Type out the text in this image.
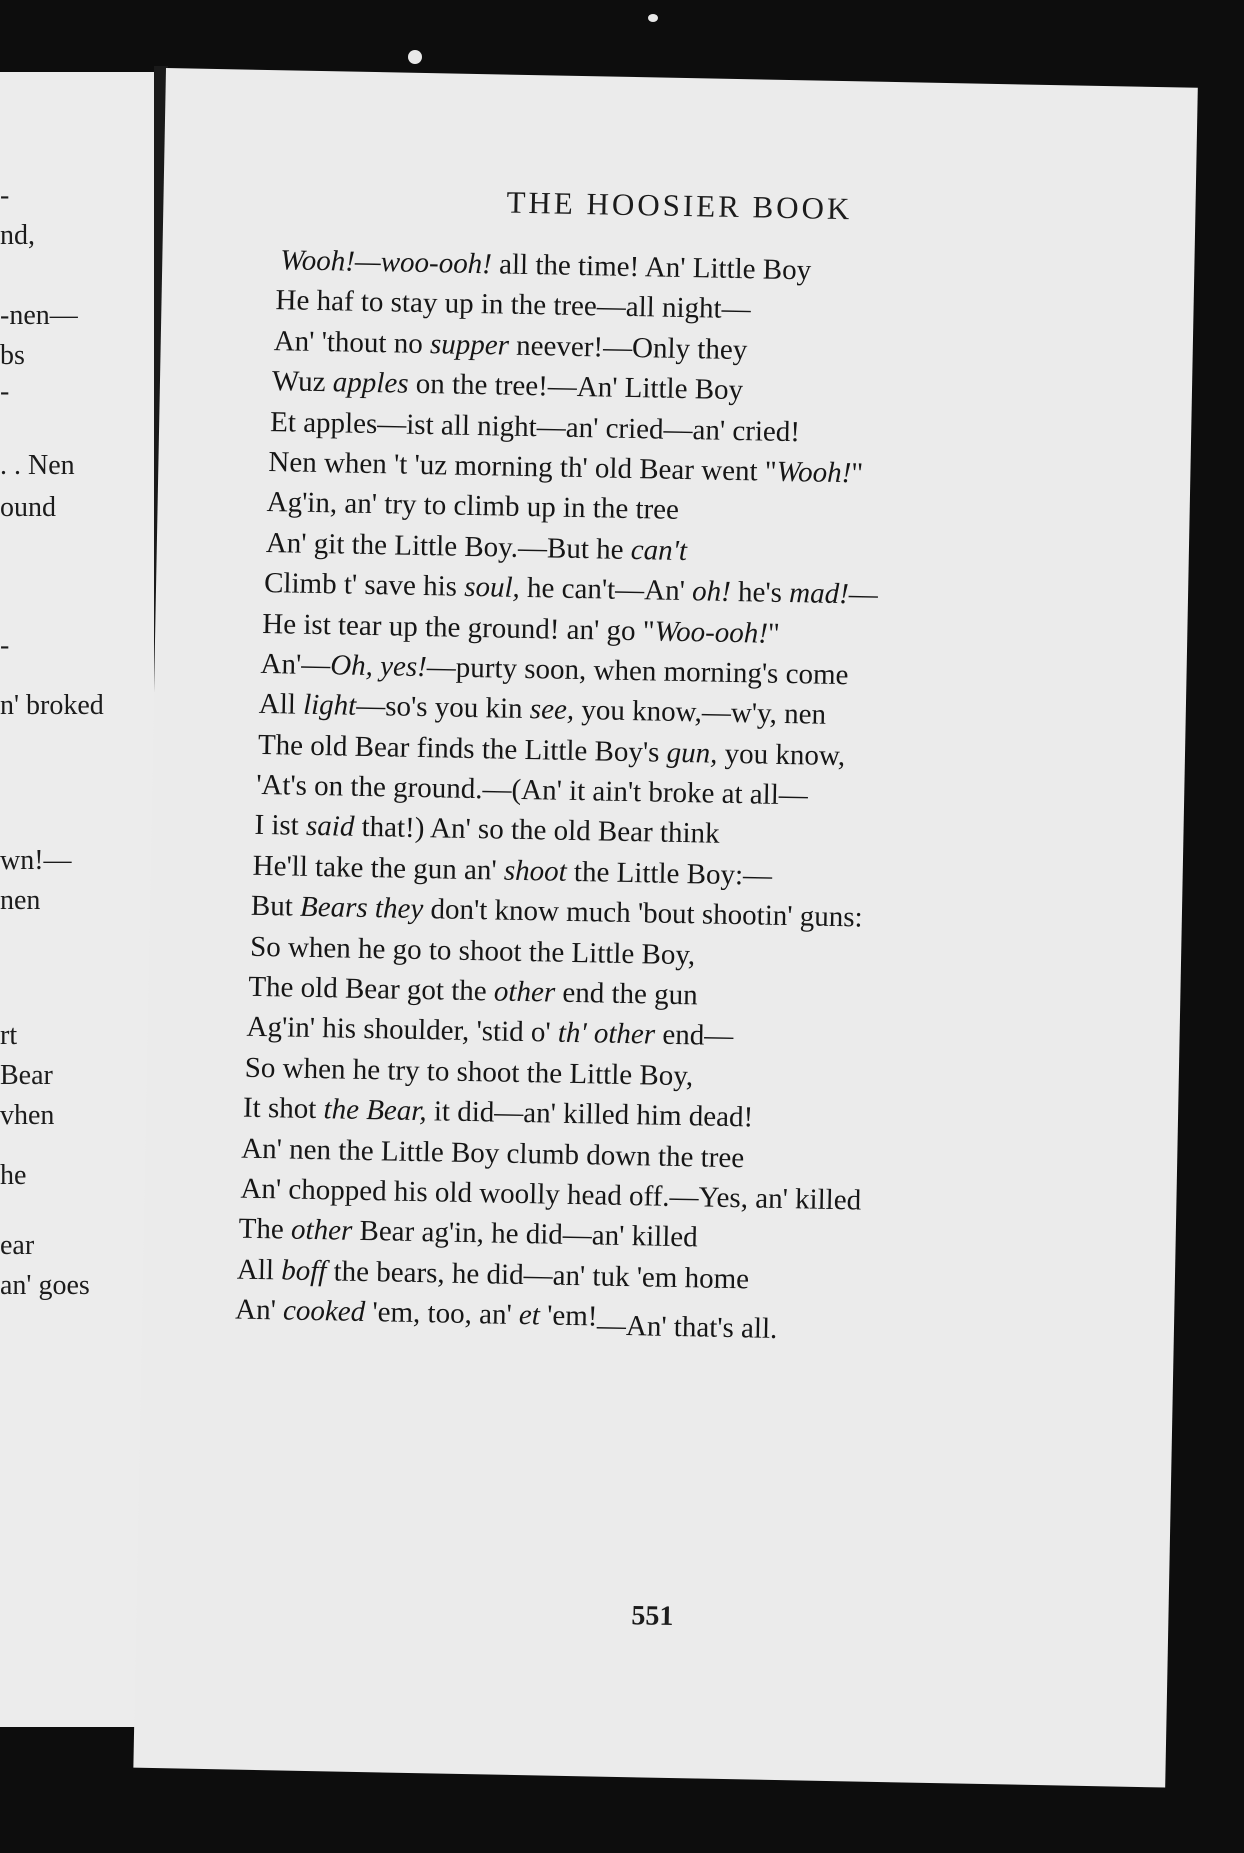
-
nd,
-nen—
bs
-
. . Nen
ound
-
n' broked
wn!—
nen
rt
Bear
vhen
he
ear
an' goes
THE HOOSIER BOOK
Wooh!—woo-ooh! all the time! An' Little Boy
He haf to stay up in the tree—all night—
An' 'thout no supper neever!—Only they
Wuz apples on the tree!—An' Little Boy
Et apples—ist all night—an' cried—an' cried!
Nen when 't 'uz morning th' old Bear went "Wooh!"
Ag'in, an' try to climb up in the tree
An' git the Little Boy.—But he can't
Climb t' save his soul, he can't—An' oh! he's mad!—
He ist tear up the ground! an' go "Woo-ooh!"
An'—Oh, yes!—purty soon, when morning's come
All light—so's you kin see, you know,—w'y, nen
The old Bear finds the Little Boy's gun, you know,
'At's on the ground.—(An' it ain't broke at all—
I ist said that!) An' so the old Bear think
He'll take the gun an' shoot the Little Boy:—
But Bears they don't know much 'bout shootin' guns:
So when he go to shoot the Little Boy,
The old Bear got the other end the gun
Ag'in' his shoulder, 'stid o' th' other end—
So when he try to shoot the Little Boy,
It shot the Bear, it did—an' killed him dead!
An' nen the Little Boy clumb down the tree
An' chopped his old woolly head off.—Yes, an' killed
The other Bear ag'in, he did—an' killed
All boff the bears, he did—an' tuk 'em home
An' cooked 'em, too, an' et 'em!
—An' that's all.
551
